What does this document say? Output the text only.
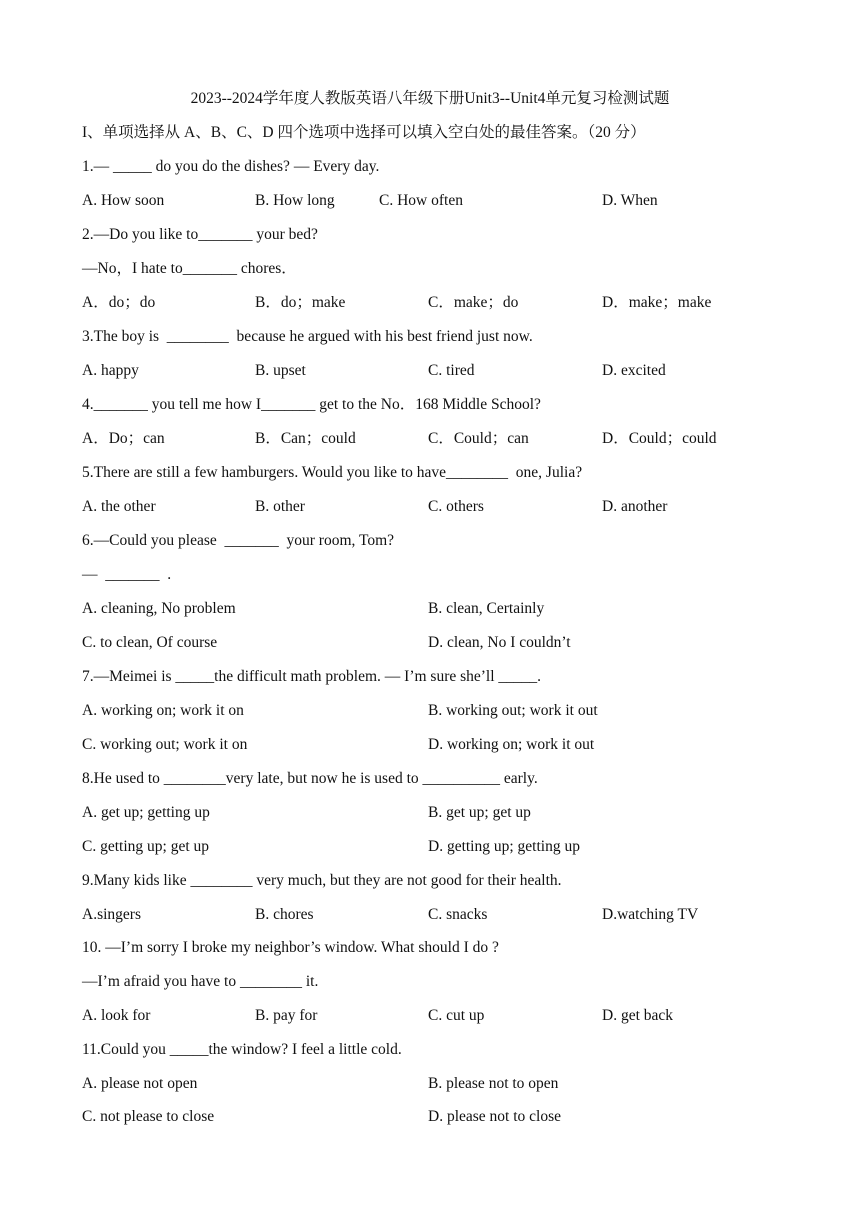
2023--2024学年度人教版英语八年级下册Unit3--Unit4单元复习检测试题
I、单项选择从 A、B、C、D 四个选项中选择可以填入空白处的最佳答案。（20 分）
1.— _____ do you do the dishes? — Every day.
A. How soon	B. How long	C. How often	D. When
2.—Do you like to_______ your bed?
—No，I hate to_______ chores．
A．do；do	B．do；make	C．make；do	D．make；make
3.The boy is  ________  because he argued with his best friend just now.
A. happy	B. upset	C. tired	D. excited
4._______ you tell me how I_______ get to the No．168 Middle School?
A．Do；can	B．Can；could	C．Could；can	D．Could；could
5.There are still a few hamburgers. Would you like to have________  one, Julia?
A. the other	B. other	C. others	D. another
6.—Could you please  _______  your room, Tom?
—  _______  .
A. cleaning, No problem	B. clean, Certainly
C. to clean, Of course	D. clean, No I couldn’t
7.—Meimei is _____the difficult math problem. — I’m sure she’ll _____.
A. working on; work it on	B. working out; work it out
C. working out; work it on	D. working on; work it out
8.He used to ________very late, but now he is used to __________ early.
A. get up; getting up	B. get up; get up
C. getting up; get up	D. getting up; getting up
9.Many kids like ________ very much, but they are not good for their health.
A.singers	B. chores	C. snacks	D.watching TV
10. —I’m sorry I broke my neighbor’s window. What should I do ?
—I’m afraid you have to ________ it.
A. look for	B. pay for	C. cut up	D. get back
11.Could you _____the window? I feel a little cold.
A. please not open	B. please not to open
C. not please to close	D. please not to close
